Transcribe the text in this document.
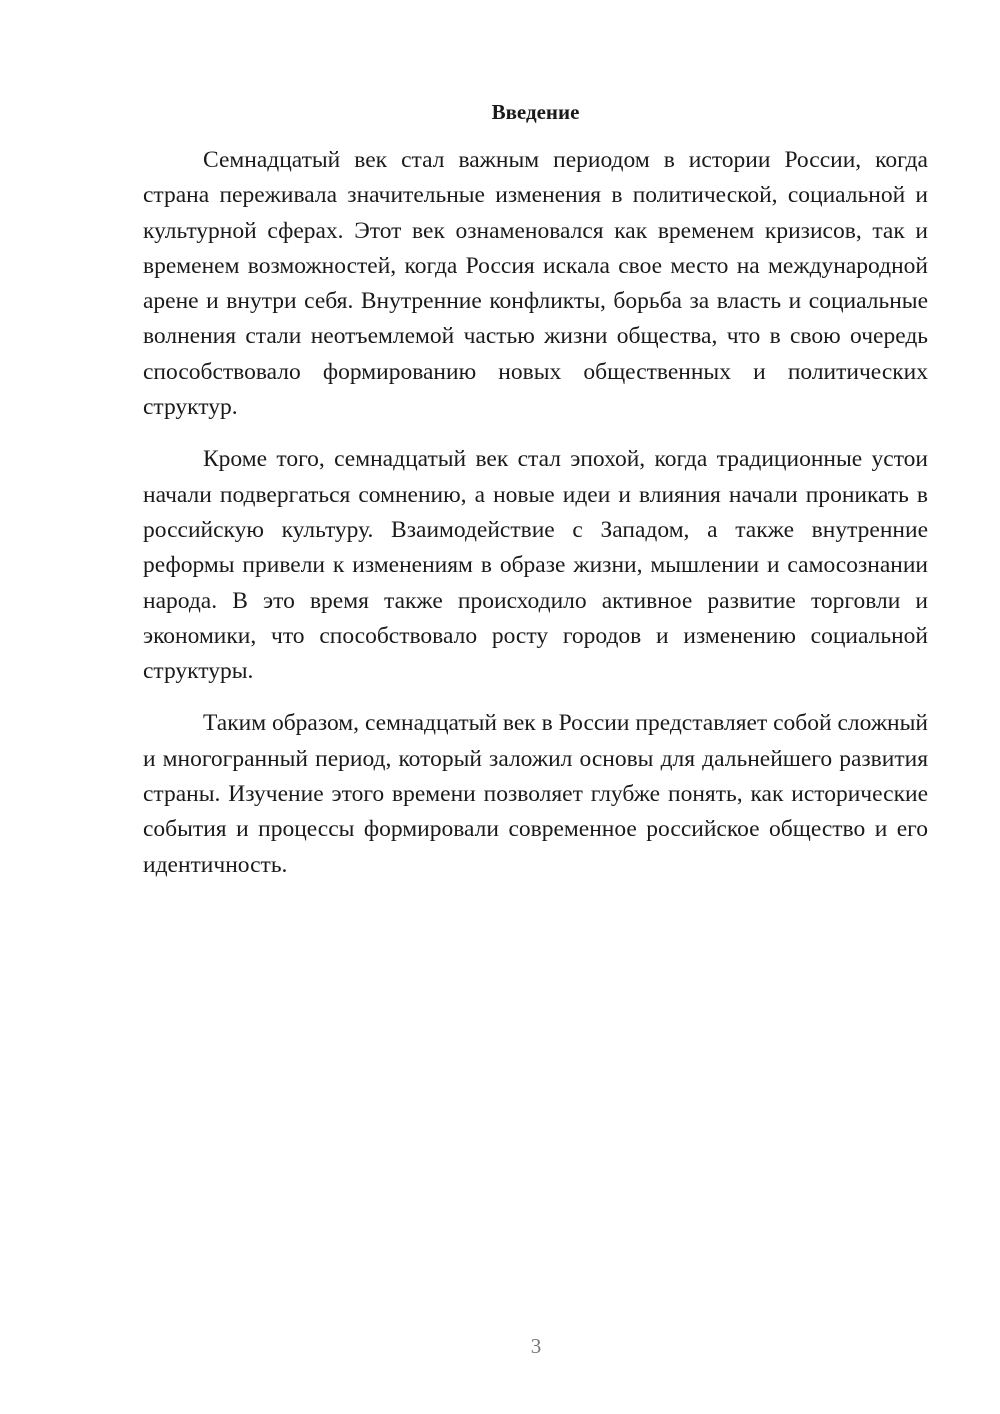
Введение

Семнадцатый век стал важным периодом в истории России, когда страна переживала значительные изменения в политической, социальной и культурной сферах. Этот век ознаменовался как временем кризисов, так и временем возможностей, когда Россия искала свое место на международной арене и внутри себя. Внутренние конфликты, борьба за власть и социальные волнения стали неотъемлемой частью жизни общества, что в свою очередь способствовало формированию новых общественных и политических структур.

Кроме того, семнадцатый век стал эпохой, когда традиционные устои начали подвергаться сомнению, а новые идеи и влияния начали проникать в российскую культуру. Взаимодействие с Западом, а также внутренние реформы привели к изменениям в образе жизни, мышлении и самосознании народа. В это время также происходило активное развитие торговли и экономики, что способствовало росту городов и изменению социальной структуры.

Таким образом, семнадцатый век в России представляет собой сложный и многогранный период, который заложил основы для дальнейшего развития страны. Изучение этого времени позволяет глубже понять, как исторические события и процессы формировали современное российское общество и его идентичность.

3
